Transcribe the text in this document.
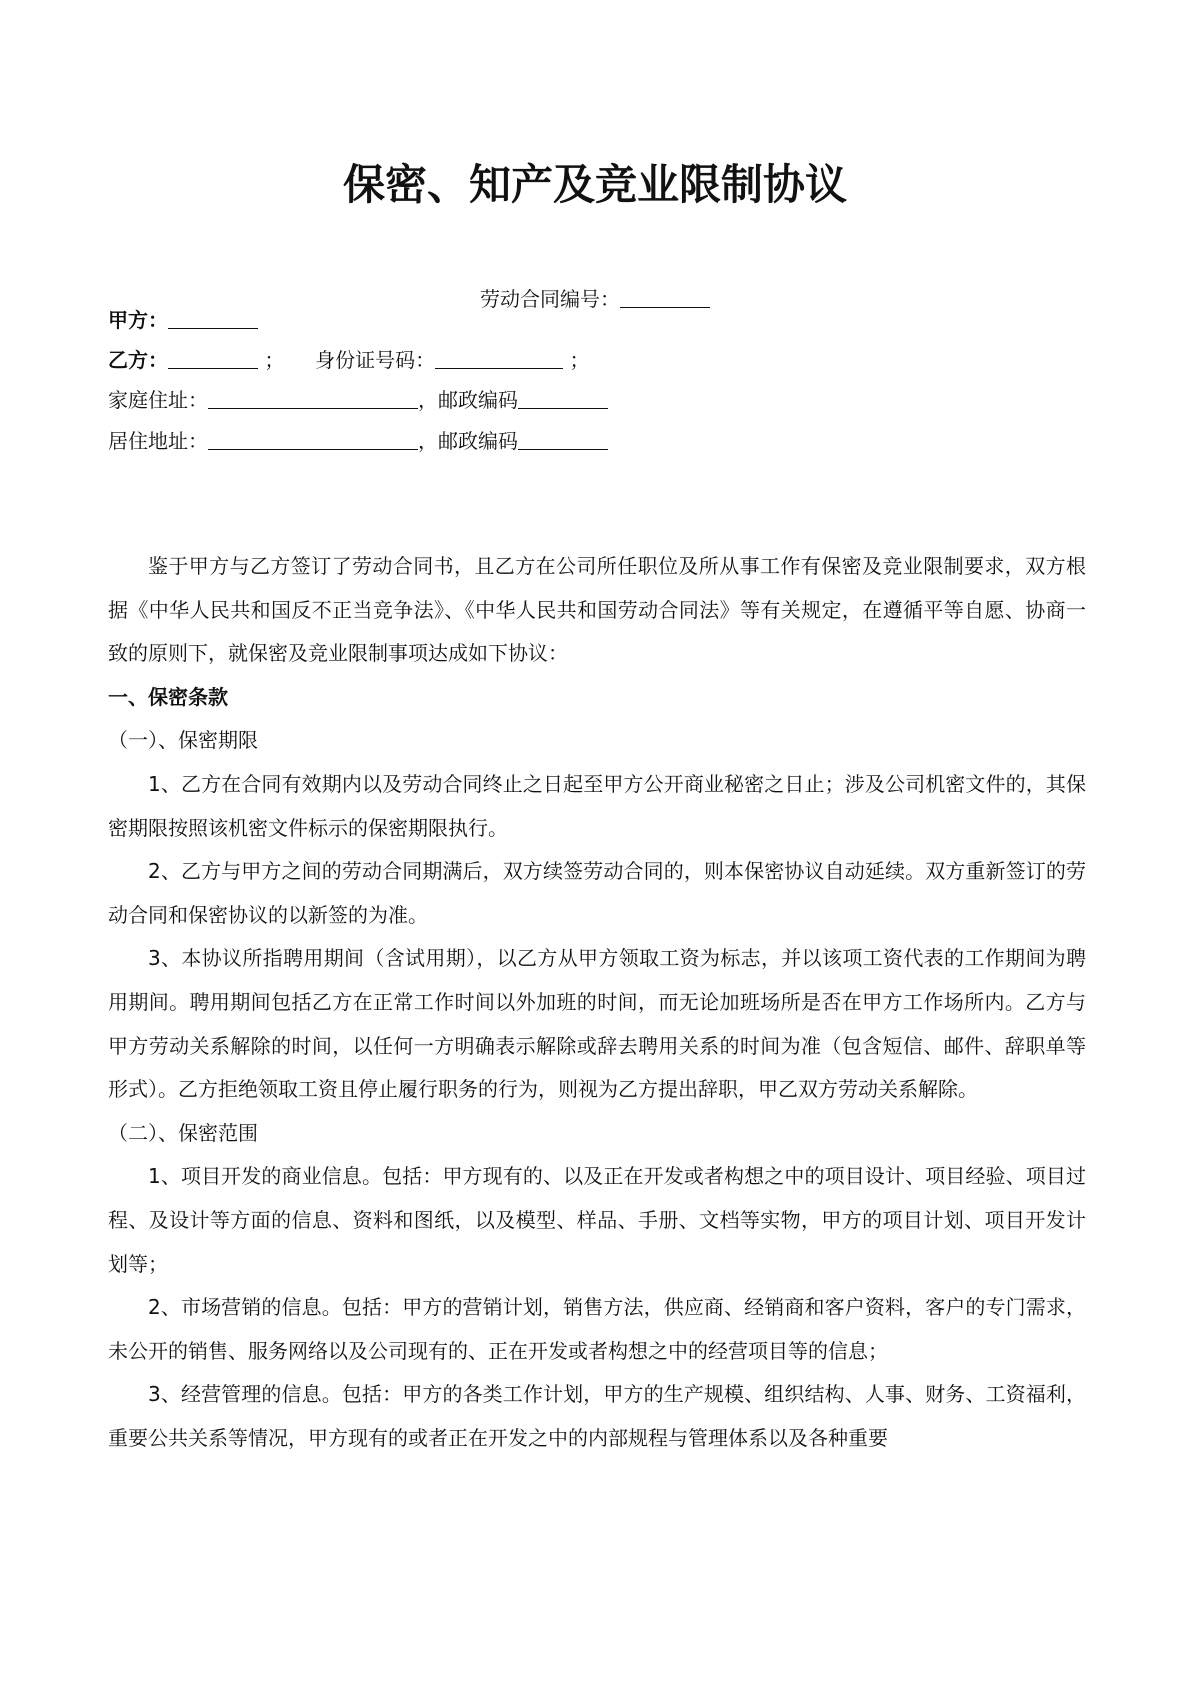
保密、知产及竞业限制协议
劳动合同编号：
甲方：
乙方：	； 身份证号码：	；
家庭住址：	，邮政编码
居住地址：	，邮政编码

鉴于甲方与乙方签订了劳动合同书，且乙方在公司所任职位及所从事工作有保密及竞业限制要求，双方根据《中华人民共和国反不正当竞争法》、《中华人民共和国劳动合同法》等有关规定，在遵循平等自愿、协商一致的原则下，就保密及竞业限制事项达成如下协议：

一、保密条款

（一）、保密期限

1、乙方在合同有效期内以及劳动合同终止之日起至甲方公开商业秘密之日止；涉及公司机密文件的，其保密期限按照该机密文件标示的保密期限执行。

2、乙方与甲方之间的劳动合同期满后，双方续签劳动合同的，则本保密协议自动延续。双方重新签订的劳动合同和保密协议的以新签的为准。

3、本协议所指聘用期间（含试用期），以乙方从甲方领取工资为标志，并以该项工资代表的工作期间为聘用期间。聘用期间包括乙方在正常工作时间以外加班的时间，而无论加班场所是否在甲方工作场所内。乙方与甲方劳动关系解除的时间，以任何一方明确表示解除或辞去聘用关系的时间为准（包含短信、邮件、辞职单等形式）。乙方拒绝领取工资且停止履行职务的行为，则视为乙方提出辞职，甲乙双方劳动关系解除。

（二）、保密范围

1、项目开发的商业信息。包括：甲方现有的、以及正在开发或者构想之中的项目设计、项目经验、项目过程、及设计等方面的信息、资料和图纸，以及模型、样品、手册、文档等实物，甲方的项目计划、项目开发计划等；

2、市场营销的信息。包括：甲方的营销计划，销售方法，供应商、经销商和客户资料，客户的专门需求，未公开的销售、服务网络以及公司现有的、正在开发或者构想之中的经营项目等的信息；

3、经营管理的信息。包括：甲方的各类工作计划，甲方的生产规模、组织结构、人事、财务、工资福利，重要公共关系等情况，甲方现有的或者正在开发之中的内部规程与管理体系以及各种重要
